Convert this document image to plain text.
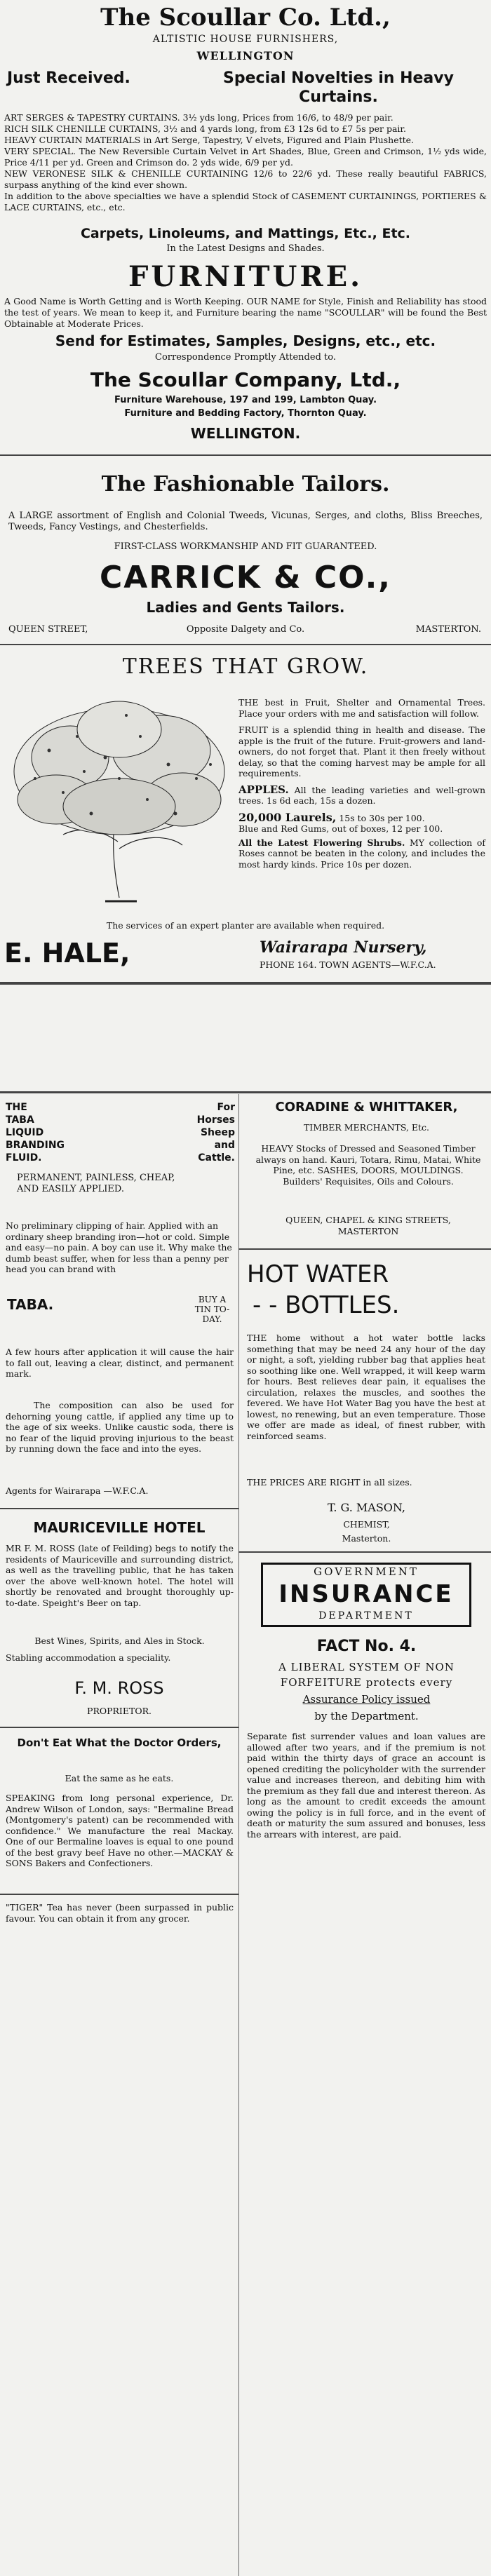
The Scoullar Co. Ltd.,
ALTISTIC HOUSE FURNISHERS,
WELLINGTON
Just Received.	Special Novelties in Heavy Curtains.

ART SERGES & TAPESTRY CURTAINS. 3½ yds long, Prices from 16/6, to 48/9 per pair.

RICH SILK CHENILLE CURTAINS, 3½ and 4 yards long, from £3 12s 6d to £7 5s per pair.

HEAVY CURTAIN MATERIALS in Art Serge, Tapestry, V elvets, Figured and Plain Plushette.

VERY SPECIAL. The New Reversible Curtain Velvet in Art Shades, Blue, Green and Crimson, 1½ yds wide, Price 4/11 per yd. Green and Crimson do. 2 yds wide, 6/9 per yd.

NEW VERONESE SILK & CHENILLE CURTAINING 12/6 to 22/6 yd. These really beautiful FABRICS, surpass anything of the kind ever shown.

In addition to the above specialties we have a splendid Stock of CASEMENT CURTAININGS, PORTIERES & LACE CURTAINS, etc., etc.

Carpets, Linoleums, and Mattings, Etc., Etc.
In the Latest Designs and Shades.
FURNITURE.
A Good Name is Worth Getting and is Worth Keeping. OUR NAME for Style, Finish and Reliability has stood the test of years. We mean to keep it, and Furniture bearing the name "SCOULLAR" will be found the Best Obtainable at Moderate Prices.
Send for Estimates, Samples, Designs, etc., etc.
Correspondence Promptly Attended to.
The Scoullar Company, Ltd.,
Furniture Warehouse, 197 and 199, Lambton Quay.
Furniture and Bedding Factory, Thornton Quay.
WELLINGTON.
The Fashionable Tailors.
A LARGE assortment of English and Colonial Tweeds, Vicunas, Serges, and cloths, Bliss Breeches, Tweeds, Fancy Vestings, and Chesterfields.
FIRST-CLASS WORKMANSHIP AND FIT GUARANTEED.
CARRICK & CO.,
Ladies and Gents Tailors.
QUEEN STREET,	Opposite Dalgety and Co.	MASTERTON.
TREES THAT GROW.

THE best in Fruit, Shelter and Ornamental Trees. Place your orders with me and satisfaction will follow.

FRUIT is a splendid thing in health and disease. The apple is the fruit of the future. Fruit-growers and land-owners, do not forget that. Plant it then freely without delay, so that the coming harvest may be ample for all requirements.

APPLES. All the leading varieties and well-grown trees. 1s 6d each, 15s a dozen.

20,000 Laurels, 15s to 30s per 100.

Blue and Red Gums, out of boxes, 12 per 100.

All the Latest Flowering Shrubs. MY collection of Roses cannot be beaten in the colony, and includes the most hardy kinds. Price 10s per dozen.

The services of an expert planter are available when required.
E. HALE,	Wairarapa Nursery,
PHONE 164. TOWN AGENTS—W.F.C.A.
THE
TABA
LIQUID
BRANDING
FLUID.
For
Horses
Sheep
and
Cattle.
PERMANENT, PAINLESS, CHEAP, AND EASILY APPLIED.
No preliminary clipping of hair. Applied with an ordinary sheep branding iron—hot or cold. Simple and easy—no pain. A boy can use it. Why make the dumb beast suffer, when for less than a penny per head you can brand with
TABA.	BUY A TIN TO-DAY.
A few hours after application it will cause the hair to fall out, leaving a clear, distinct, and permanent mark.
The composition can also be used for dehorning young cattle, if applied any time up to the age of six weeks. Unlike caustic soda, there is no fear of the liquid proving injurious to the beast by running down the face and into the eyes.
Agents for Wairarapa —W.F.C.A.
MAURICEVILLE HOTEL
MR F. M. ROSS (late of Feilding) begs to notify the residents of Mauriceville and surrounding district, as well as the travelling public, that he has taken over the above well-known hotel. The hotel will shortly be renovated and brought thoroughly up-to-date. Speight's Beer on tap.
Best Wines, Spirits, and Ales in Stock.
Stabling accommodation a speciality.
F. M. ROSS
PROPRIETOR.
Don't Eat What the Doctor Orders,
Eat the same as he eats.
SPEAKING from long personal experience, Dr. Andrew Wilson of London, says: "Bermaline Bread (Montgomery's patent) can be recommended with confidence." We manufacture the real Mackay. One of our Bermaline loaves is equal to one pound of the best gravy beef Have no other.—MACKAY & SONS Bakers and Confectioners.
"TIGER" Tea has never (been surpassed in public favour. You can obtain it from any grocer.
CORADINE & WHITTAKER,
TIMBER MERCHANTS, Etc.
HEAVY Stocks of Dressed and Seasoned Timber always on hand. Kauri, Totara, Rimu, Matai, White Pine, etc. SASHES, DOORS, MOULDINGS. Builders' Requisites, Oils and Colours.
QUEEN, CHAPEL & KING STREETS, MASTERTON
HOT WATER
- - BOTTLES.
THE home without a hot water bottle lacks something that may be need 24 any hour of the day or night, a soft, yielding rubber bag that applies heat so soothing like one. Well wrapped, it will keep warm for hours. Best relieves dear pain, it equalises the circulation, relaxes the muscles, and soothes the fevered. We have Hot Water Bag you have the best at lowest, no renewing, but an even temperature. Those we offer are made as ideal, of finest rubber, with reinforced seams.
THE PRICES ARE RIGHT in all sizes.
T. G. MASON,
CHEMIST,
Masterton.
GOVERNMENT
INSURANCE
DEPARTMENT
FACT No. 4.
A LIBERAL SYSTEM OF NON
FORFEITURE protects every
Assurance Policy issued
by the Department.
Separate fist surrender values and loan values are allowed after two years, and if the premium is not paid within the thirty days of grace an account is opened crediting the policyholder with the surrender value and increases thereon, and debiting him with the premium as they fall due and interest thereon. As long as the amount to credit exceeds the amount owing the policy is in full force, and in the event of death or maturity the sum assured and bonuses, less the arrears with interest, are paid.
